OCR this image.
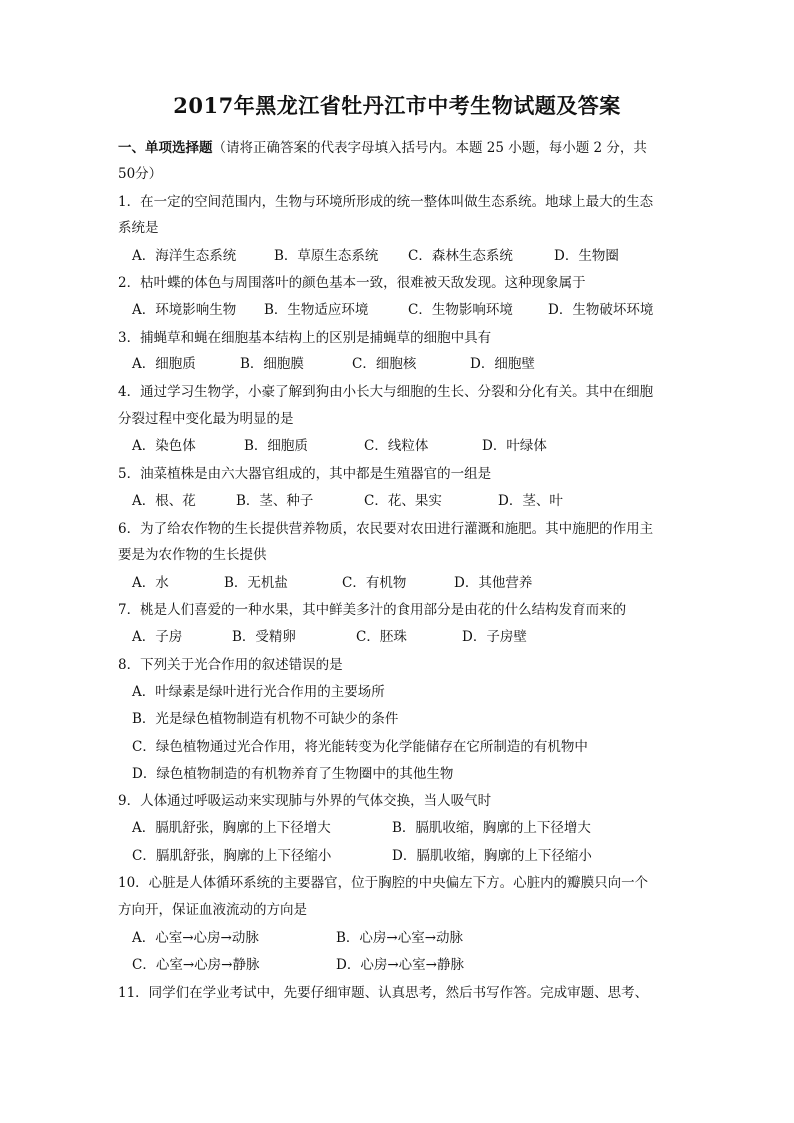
2017年黑龙江省牡丹江市中考生物试题及答案
一、单项选择题（请将正确答案的代表字母填入括号内。本题 25 小题，每小题 2 分，共
50分）
1．在一定的空间范围内，生物与环境所形成的统一整体叫做生态系统。地球上最大的生态
系统是
A．海洋生态系统	B．草原生态系统 C．森林生态系统	D．生物圈
2．枯叶蝶的体色与周围落叶的颜色基本一致，很难被天敌发现。这种现象属于
A．环境影响生物 B．生物适应环境	C．生物影响环境	D．生物破坏环境
3．捕蝇草和蝇在细胞基本结构上的区别是捕蝇草的细胞中具有
A．细胞质	B．细胞膜	C．细胞核	D．细胞壁
4．通过学习生物学，小豪了解到狗由小长大与细胞的生长、分裂和分化有关。其中在细胞
分裂过程中变化最为明显的是
A．染色体	B．细胞质	C．线粒体	D．叶绿体
5．油菜植株是由六大器官组成的，其中都是生殖器官的一组是
A．根、花	B．茎、种子	C．花、果实	D．茎、叶
6．为了给农作物的生长提供营养物质，农民要对农田进行灌溉和施肥。其中施肥的作用主
要是为农作物的生长提供
A．水	B．无机盐	C．有机物	D．其他营养
7．桃是人们喜爱的一种水果，其中鲜美多汁的食用部分是由花的什么结构发育而来的
A．子房	B．受精卵	C．胚珠	D．子房壁
8．下列关于光合作用的叙述错误的是
A．叶绿素是绿叶进行光合作用的主要场所
B．光是绿色植物制造有机物不可缺少的条件
C．绿色植物通过光合作用，将光能转变为化学能储存在它所制造的有机物中
D．绿色植物制造的有机物养育了生物圈中的其他生物
9．人体通过呼吸运动来实现肺与外界的气体交换，当人吸气时
A．膈肌舒张，胸廓的上下径增大	B．膈肌收缩，胸廓的上下径增大
C．膈肌舒张，胸廓的上下径缩小	D．膈肌收缩，胸廓的上下径缩小
10．心脏是人体循环系统的主要器官，位于胸腔的中央偏左下方。心脏内的瓣膜只向一个
方向开，保证血液流动的方向是
A．心室→心房→动脉	B．心房→心室→动脉
C．心室→心房→静脉	D．心房→心室→静脉
11．同学们在学业考试中，先要仔细审题、认真思考，然后书写作答。完成审题、思考、
